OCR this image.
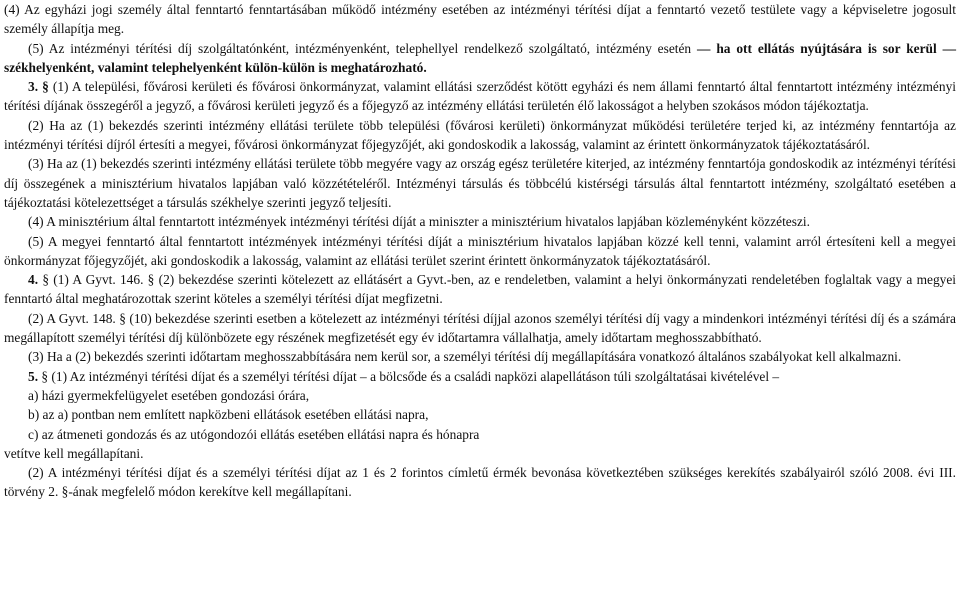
(4) Az egyházi jogi személy által fenntartó fenntartásában működő intézmény esetében az intézményi térítési díjat a fenntartó vezető testülete vagy a képviseletre jogosult személy állapítja meg.

(5) Az intézményi térítési díj szolgáltatónként, intézményenként, telephellyel rendelkező szolgáltató, intézmény esetén — ha ott ellátás nyújtására is sor kerül — székhelyenként, valamint telephelyenként külön-külön is meghatározható.

3. § (1) A települési, fővárosi kerületi és fővárosi önkormányzat, valamint ellátási szerződést kötött egyházi és nem állami fenntartó által fenntartott intézmény intézményi térítési díjának összegéről a jegyző, a fővárosi kerületi jegyző és a főjegyző az intézmény ellátási területén élő lakosságot a helyben szokásos módon tájékoztatja.

(2) Ha az (1) bekezdés szerinti intézmény ellátási területe több települési (fővárosi kerületi) önkormányzat működési területére terjed ki, az intézmény fenntartója az intézményi térítési díjról értesíti a megyei, fővárosi önkormányzat főjegyzőjét, aki gondoskodik a lakosság, valamint az érintett önkormányzatok tájékoztatásáról.

(3) Ha az (1) bekezdés szerinti intézmény ellátási területe több megyére vagy az ország egész területére kiterjed, az intézmény fenntartója gondoskodik az intézményi térítési díj összegének a minisztérium hivatalos lapjában való közzétételéről. Intézményi társulás és többcélú kistérségi társulás által fenntartott intézmény, szolgáltató esetében a tájékoztatási kötelezettséget a társulás székhelye szerinti jegyző teljesíti.

(4) A minisztérium által fenntartott intézmények intézményi térítési díját a miniszter a minisztérium hivatalos lapjában közleményként közzéteszi.

(5) A megyei fenntartó által fenntartott intézmények intézményi térítési díját a minisztérium hivatalos lapjában közzé kell tenni, valamint arról értesíteni kell a megyei önkormányzat főjegyzőjét, aki gondoskodik a lakosság, valamint az ellátási terület szerint érintett önkormányzatok tájékoztatásáról.

4. § (1) A Gyvt. 146. § (2) bekezdése szerinti kötelezett az ellátásért a Gyvt.-ben, az e rendeletben, valamint a helyi önkormányzati rendeletében foglaltak vagy a megyei fenntartó által meghatározottak szerint köteles a személyi térítési díjat megfizetni.

(2) A Gyvt. 148. § (10) bekezdése szerinti esetben a kötelezett az intézményi térítési díjjal azonos személyi térítési díj vagy a mindenkori intézményi térítési díj és a számára megállapított személyi térítési díj különbözete egy részének megfizetését egy év időtartamra vállalhatja, amely időtartam meghosszabbítható.

(3) Ha a (2) bekezdés szerinti időtartam meghosszabbítására nem kerül sor, a személyi térítési díj megállapítására vonatkozó általános szabályokat kell alkalmazni.

5. § (1) Az intézményi térítési díjat és a személyi térítési díjat – a bölcsőde és a családi napközi alapellátáson túli szolgáltatásai kivételével –

a) házi gyermekfelügyelet esetében gondozási órára,

b) az a) pontban nem említett napközbeni ellátások esetében ellátási napra,

c) az átmeneti gondozás és az utógondozói ellátás esetében ellátási napra és hónapra

vetítve kell megállapítani.

(2) A intézményi térítési díjat és a személyi térítési díjat az 1 és 2 forintos címletű érmék bevonása következtében szükséges kerekítés szabályairól szóló 2008. évi III. törvény 2. §-ának megfelelő módon kerekítve kell megállapítani.
